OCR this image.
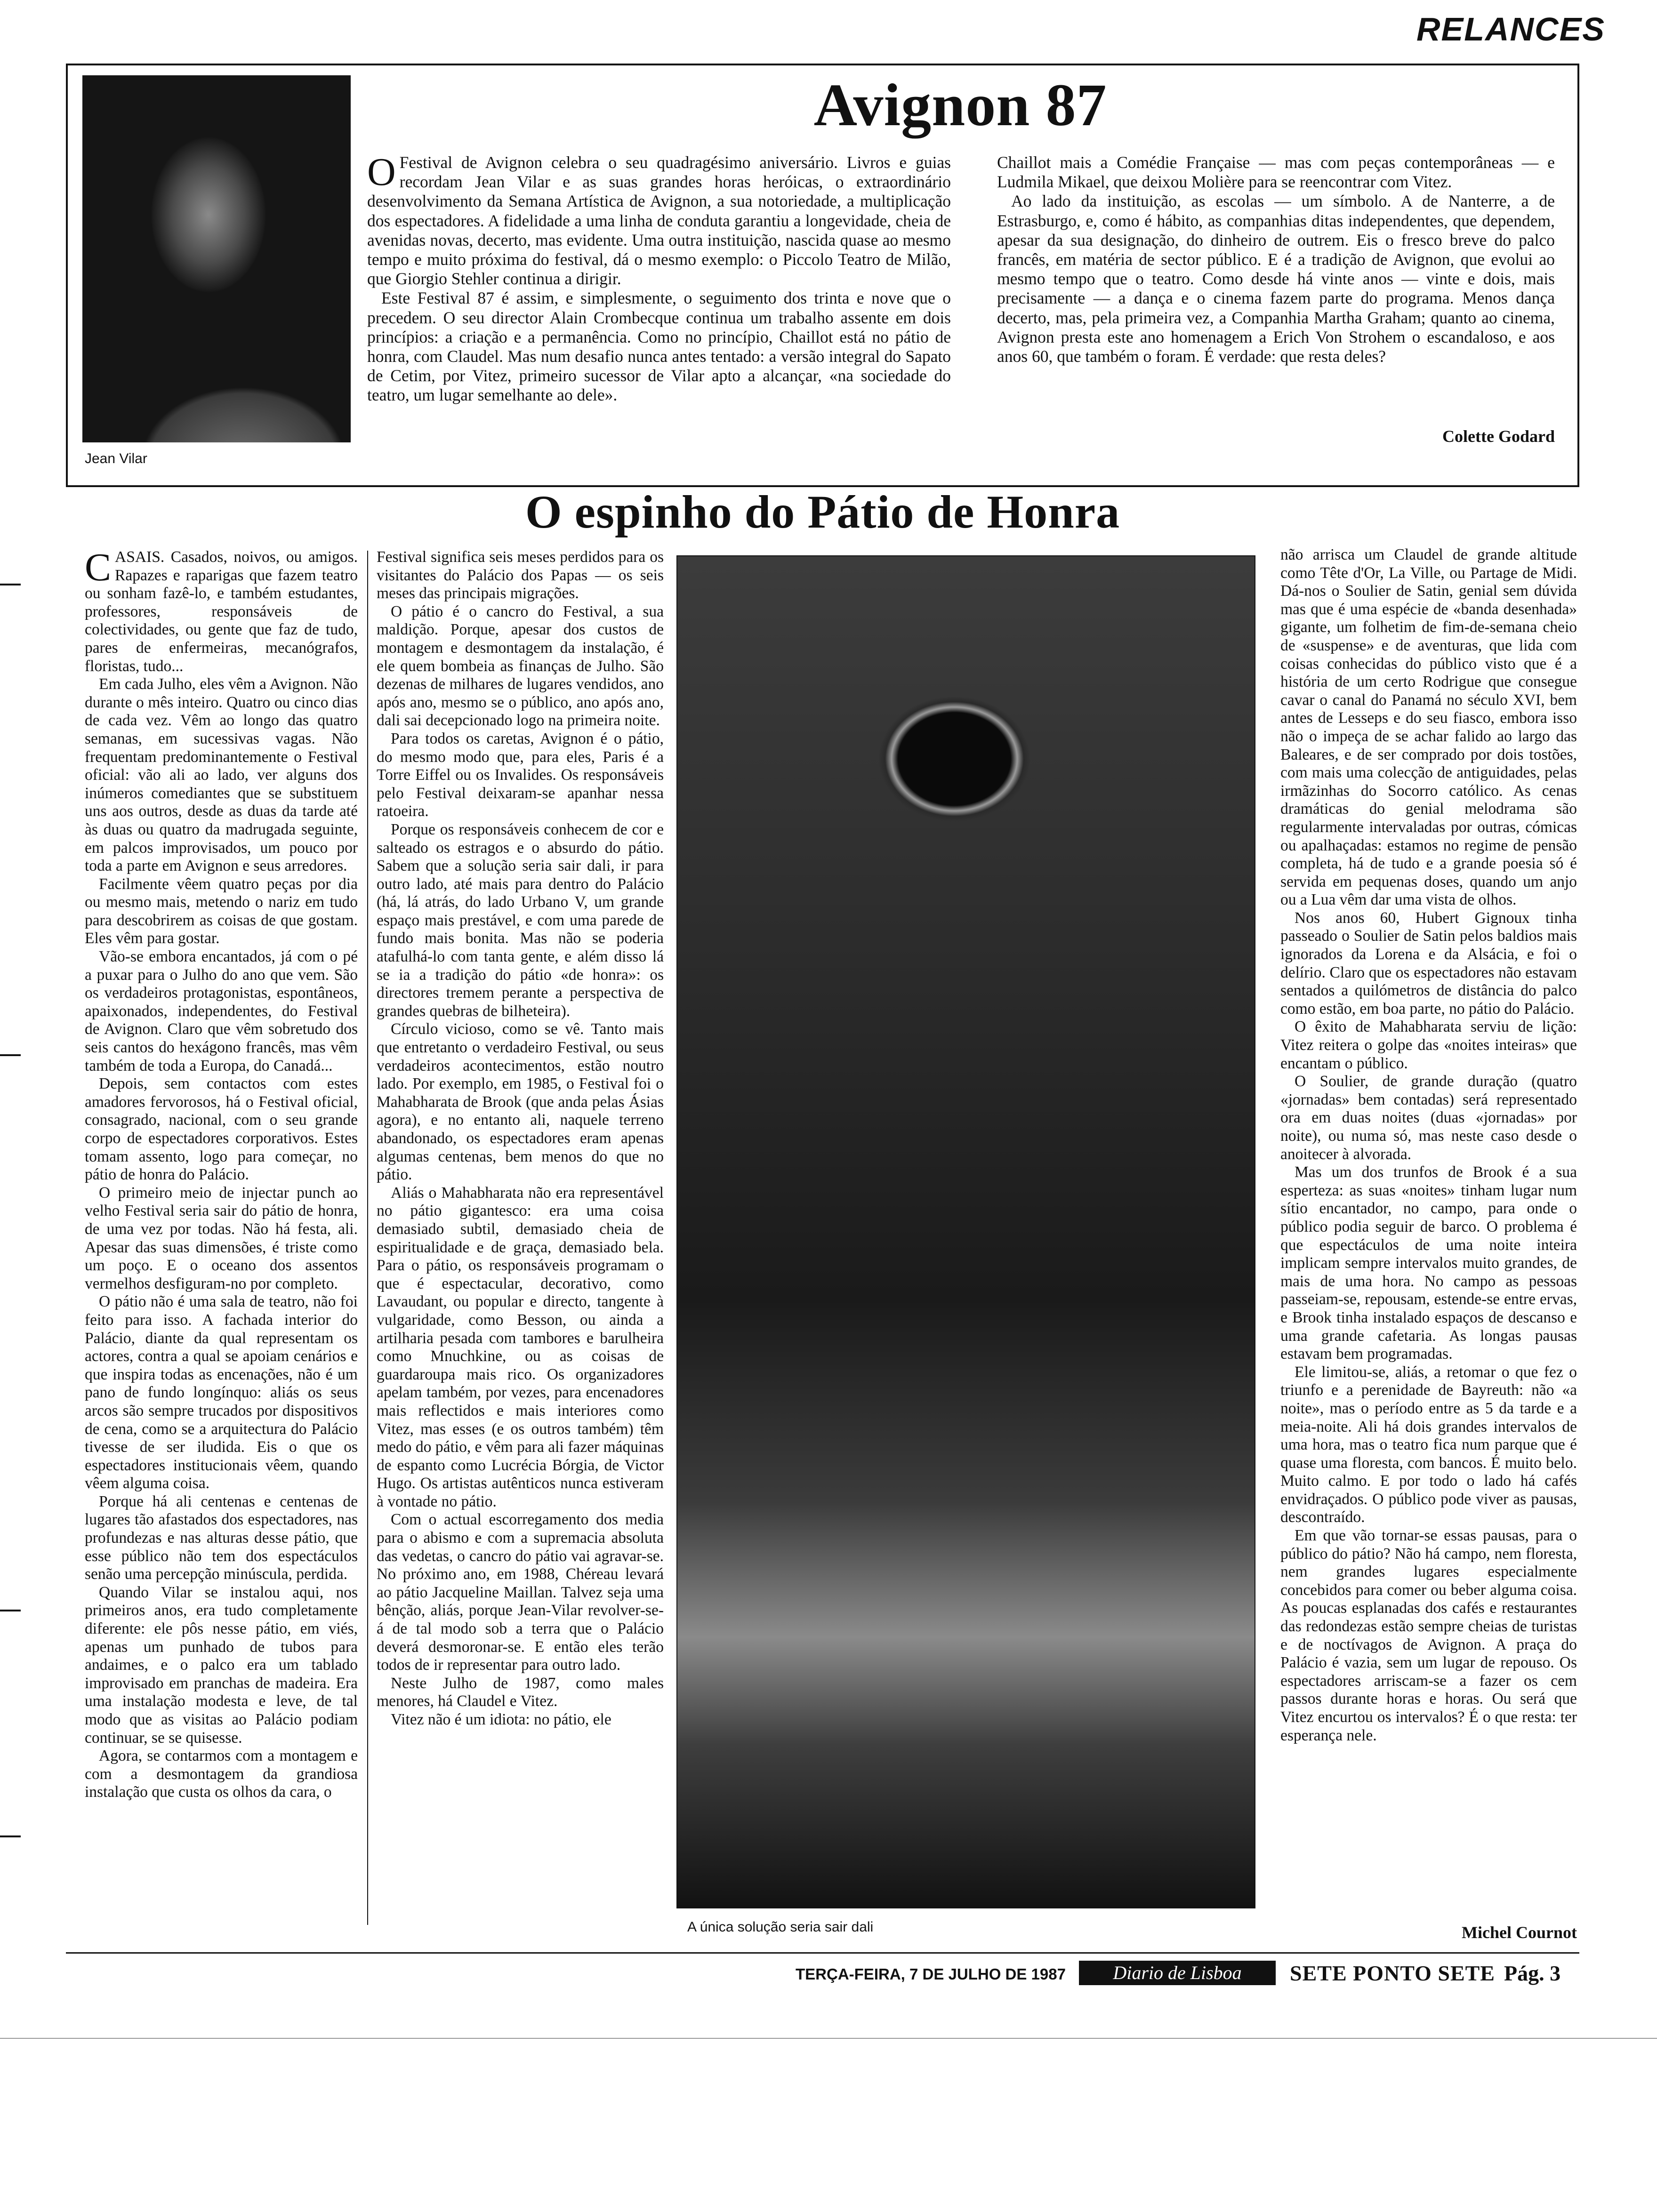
RELANCES
Jean Vilar
Avignon 87

O Festival de Avignon celebra o seu quadragésimo aniversário. Livros e guias recordam Jean Vilar e as suas grandes horas heróicas, o extraordinário desenvolvimento da Semana Artística de Avignon, a sua notoriedade, a multiplicação dos espectadores. A fidelidade a uma linha de conduta garantiu a longevidade, cheia de avenidas novas, decerto, mas evidente. Uma outra instituição, nascida quase ao mesmo tempo e muito próxima do festival, dá o mesmo exemplo: o Piccolo Teatro de Milão, que Giorgio Stehler continua a dirigir.

Este Festival 87 é assim, e simplesmente, o seguimento dos trinta e nove que o precedem. O seu director Alain Crombecque continua um trabalho assente em dois princípios: a criação e a permanência. Como no princípio, Chaillot está no pátio de honra, com Claudel. Mas num desafio nunca antes tentado: a versão integral do Sapato de Cetim, por Vitez, primeiro sucessor de Vilar apto a alcançar, «na sociedade do teatro, um lugar semelhante ao dele».

Chaillot mais a Comédie Française — mas com peças contemporâneas — e Ludmila Mikael, que deixou Molière para se reencontrar com Vitez.

Ao lado da instituição, as escolas — um símbolo. A de Nanterre, a de Estrasburgo, e, como é hábito, as companhias ditas independentes, que dependem, apesar da sua designação, do dinheiro de outrem. Eis o fresco breve do palco francês, em matéria de sector público. E é a tradição de Avignon, que evolui ao mesmo tempo que o teatro. Como desde há vinte anos — vinte e dois, mais precisamente — a dança e o cinema fazem parte do programa. Menos dança decerto, mas, pela primeira vez, a Companhia Martha Graham; quanto ao cinema, Avignon presta este ano homenagem a Erich Von Strohem o escandaloso, e aos anos 60, que também o foram. É verdade: que resta deles?

Colette Godard
O espinho do Pátio de Honra

CASAIS. Casados, noivos, ou amigos. Rapazes e raparigas que fazem teatro ou sonham fazê-lo, e também estudantes, professores, responsáveis de colectividades, ou gente que faz de tudo, pares de enfermeiras, mecanógrafos, floristas, tudo...

Em cada Julho, eles vêm a Avignon. Não durante o mês inteiro. Quatro ou cinco dias de cada vez. Vêm ao longo das quatro semanas, em sucessivas vagas. Não frequentam predominantemente o Festival oficial: vão ali ao lado, ver alguns dos inúmeros comediantes que se substituem uns aos outros, desde as duas da tarde até às duas ou quatro da madrugada seguinte, em palcos improvisados, um pouco por toda a parte em Avignon e seus arredores.

Facilmente vêem quatro peças por dia ou mesmo mais, metendo o nariz em tudo para descobrirem as coisas de que gostam. Eles vêm para gostar.

Vão-se embora encantados, já com o pé a puxar para o Julho do ano que vem. São os verdadeiros protagonistas, espontâneos, apaixonados, independentes, do Festival de Avignon. Claro que vêm sobretudo dos seis cantos do hexágono francês, mas vêm também de toda a Europa, do Canadá...

Depois, sem contactos com estes amadores fervorosos, há o Festival oficial, consagrado, nacional, com o seu grande corpo de espectadores corporativos. Estes tomam assento, logo para começar, no pátio de honra do Palácio.

O primeiro meio de injectar punch ao velho Festival seria sair do pátio de honra, de uma vez por todas. Não há festa, ali. Apesar das suas dimensões, é triste como um poço. E o oceano dos assentos vermelhos desfiguram-no por completo.

O pátio não é uma sala de teatro, não foi feito para isso. A fachada interior do Palácio, diante da qual representam os actores, contra a qual se apoiam cenários e que inspira todas as encenações, não é um pano de fundo longínquo: aliás os seus arcos são sempre trucados por dispositivos de cena, como se a arquitectura do Palácio tivesse de ser iludida. Eis o que os espectadores institucionais vêem, quando vêem alguma coisa.

Porque há ali centenas e centenas de lugares tão afastados dos espectadores, nas profundezas e nas alturas desse pátio, que esse público não tem dos espectáculos senão uma percepção minúscula, perdida.

Quando Vilar se instalou aqui, nos primeiros anos, era tudo completamente diferente: ele pôs nesse pátio, em viés, apenas um punhado de tubos para andaimes, e o palco era um tablado improvisado em pranchas de madeira. Era uma instalação modesta e leve, de tal modo que as visitas ao Palácio podiam continuar, se se quisesse.

Agora, se contarmos com a montagem e com a desmontagem da grandiosa instalação que custa os olhos da cara, o

Festival significa seis meses perdidos para os visitantes do Palácio dos Papas — os seis meses das principais migrações.

O pátio é o cancro do Festival, a sua maldição. Porque, apesar dos custos de montagem e desmontagem da instalação, é ele quem bombeia as finanças de Julho. São dezenas de milhares de lugares vendidos, ano após ano, mesmo se o público, ano após ano, dali sai decepcionado logo na primeira noite.

Para todos os caretas, Avignon é o pátio, do mesmo modo que, para eles, Paris é a Torre Eiffel ou os Invalides. Os responsáveis pelo Festival deixaram-se apanhar nessa ratoeira.

Porque os responsáveis conhecem de cor e salteado os estragos e o absurdo do pátio. Sabem que a solução seria sair dali, ir para outro lado, até mais para dentro do Palácio (há, lá atrás, do lado Urbano V, um grande espaço mais prestável, e com uma parede de fundo mais bonita. Mas não se poderia atafulhá-lo com tanta gente, e além disso lá se ia a tradição do pátio «de honra»: os directores tremem perante a perspectiva de grandes quebras de bilheteira).

Círculo vicioso, como se vê. Tanto mais que entretanto o verdadeiro Festival, ou seus verdadeiros acontecimentos, estão noutro lado. Por exemplo, em 1985, o Festival foi o Mahabharata de Brook (que anda pelas Ásias agora), e no entanto ali, naquele terreno abandonado, os espectadores eram apenas algumas centenas, bem menos do que no pátio.

Aliás o Mahabharata não era representável no pátio gigantesco: era uma coisa demasiado subtil, demasiado cheia de espiritualidade e de graça, demasiado bela. Para o pátio, os responsáveis programam o que é espectacular, decorativo, como Lavaudant, ou popular e directo, tangente à vulgaridade, como Besson, ou ainda a artilharia pesada com tambores e barulheira como Mnuchkine, ou as coisas de guardaroupa mais rico. Os organizadores apelam também, por vezes, para encenadores mais reflectidos e mais interiores como Vitez, mas esses (e os outros também) têm medo do pátio, e vêm para ali fazer máquinas de espanto como Lucrécia Bórgia, de Victor Hugo. Os artistas autênticos nunca estiveram à vontade no pátio.

Com o actual escorregamento dos media para o abismo e com a supremacia absoluta das vedetas, o cancro do pátio vai agravar-se. No próximo ano, em 1988, Chéreau levará ao pátio Jacqueline Maillan. Talvez seja uma bênção, aliás, porque Jean-Vilar revolver-se-á de tal modo sob a terra que o Palácio deverá desmoronar-se. E então eles terão todos de ir representar para outro lado.

Neste Julho de 1987, como males menores, há Claudel e Vitez.

Vitez não é um idiota: no pátio, ele

A única solução seria sair dali

não arrisca um Claudel de grande altitude como Tête d'Or, La Ville, ou Partage de Midi. Dá-nos o Soulier de Satin, genial sem dúvida mas que é uma espécie de «banda desenhada» gigante, um folhetim de fim-de-semana cheio de «suspense» e de aventuras, que lida com coisas conhecidas do público visto que é a história de um certo Rodrigue que consegue cavar o canal do Panamá no século XVI, bem antes de Lesseps e do seu fiasco, embora isso não o impeça de se achar falido ao largo das Baleares, e de ser comprado por dois tostões, com mais uma colecção de antiguidades, pelas irmãzinhas do Socorro católico. As cenas dramáticas do genial melodrama são regularmente intervaladas por outras, cómicas ou apalhaçadas: estamos no regime de pensão completa, há de tudo e a grande poesia só é servida em pequenas doses, quando um anjo ou a Lua vêm dar uma vista de olhos.

Nos anos 60, Hubert Gignoux tinha passeado o Soulier de Satin pelos baldios mais ignorados da Lorena e da Alsácia, e foi o delírio. Claro que os espectadores não estavam sentados a quilómetros de distância do palco como estão, em boa parte, no pátio do Palácio.

O êxito de Mahabharata serviu de lição: Vitez reitera o golpe das «noites inteiras» que encantam o público.

O Soulier, de grande duração (quatro «jornadas» bem contadas) será representado ora em duas noites (duas «jornadas» por noite), ou numa só, mas neste caso desde o anoitecer à alvorada.

Mas um dos trunfos de Brook é a sua esperteza: as suas «noites» tinham lugar num sítio encantador, no campo, para onde o público podia seguir de barco. O problema é que espectáculos de uma noite inteira implicam sempre intervalos muito grandes, de mais de uma hora. No campo as pessoas passeiam-se, repousam, estende-se entre ervas, e Brook tinha instalado espaços de descanso e uma grande cafetaria. As longas pausas estavam bem programadas.

Ele limitou-se, aliás, a retomar o que fez o triunfo e a perenidade de Bayreuth: não «a noite», mas o período entre as 5 da tarde e a meia-noite. Ali há dois grandes intervalos de uma hora, mas o teatro fica num parque que é quase uma floresta, com bancos. É muito belo. Muito calmo. E por todo o lado há cafés envidraçados. O público pode viver as pausas, descontraído.

Em que vão tornar-se essas pausas, para o público do pátio? Não há campo, nem floresta, nem grandes lugares especialmente concebidos para comer ou beber alguma coisa. As poucas esplanadas dos cafés e restaurantes das redondezas estão sempre cheias de turistas e de noctívagos de Avignon. A praça do Palácio é vazia, sem um lugar de repouso. Os espectadores arriscam-se a fazer os cem passos durante horas e horas. Ou será que Vitez encurtou os intervalos? É o que resta: ter esperança nele.

Michel Cournot
TERÇA-FEIRA, 7 DE JULHO DE 1987	Diario de Lisboa	SETE PONTO SETE Pág. 3
